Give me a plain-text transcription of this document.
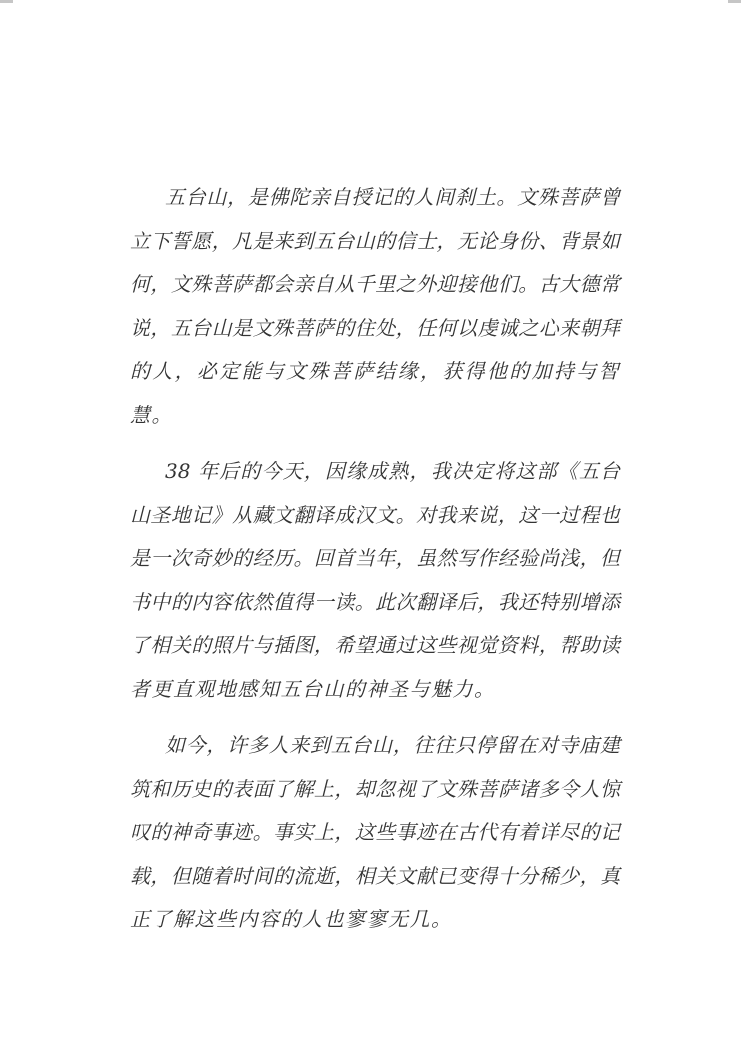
五台山，是佛陀亲自授记的人间刹土。文殊菩萨曾
立下誓愿，凡是来到五台山的信士，无论身份、背景如
何，文殊菩萨都会亲自从千里之外迎接他们。古大德常
说，五台山是文殊菩萨的住处，任何以虔诚之心来朝拜
的人，必定能与文殊菩萨结缘，获得他的加持与智慧。

38 年后的今天，因缘成熟，我决定将这部《五台
山圣地记》从藏文翻译成汉文。对我来说，这一过程也
是一次奇妙的经历。回首当年，虽然写作经验尚浅，但
书中的内容依然值得一读。此次翻译后，我还特别增添
了相关的照片与插图，希望通过这些视觉资料，帮助读
者更直观地感知五台山的神圣与魅力。

如今，许多人来到五台山，往往只停留在对寺庙建
筑和历史的表面了解上，却忽视了文殊菩萨诸多令人惊
叹的神奇事迹。事实上，这些事迹在古代有着详尽的记
载，但随着时间的流逝，相关文献已变得十分稀少，真
正了解这些内容的人也寥寥无几。
